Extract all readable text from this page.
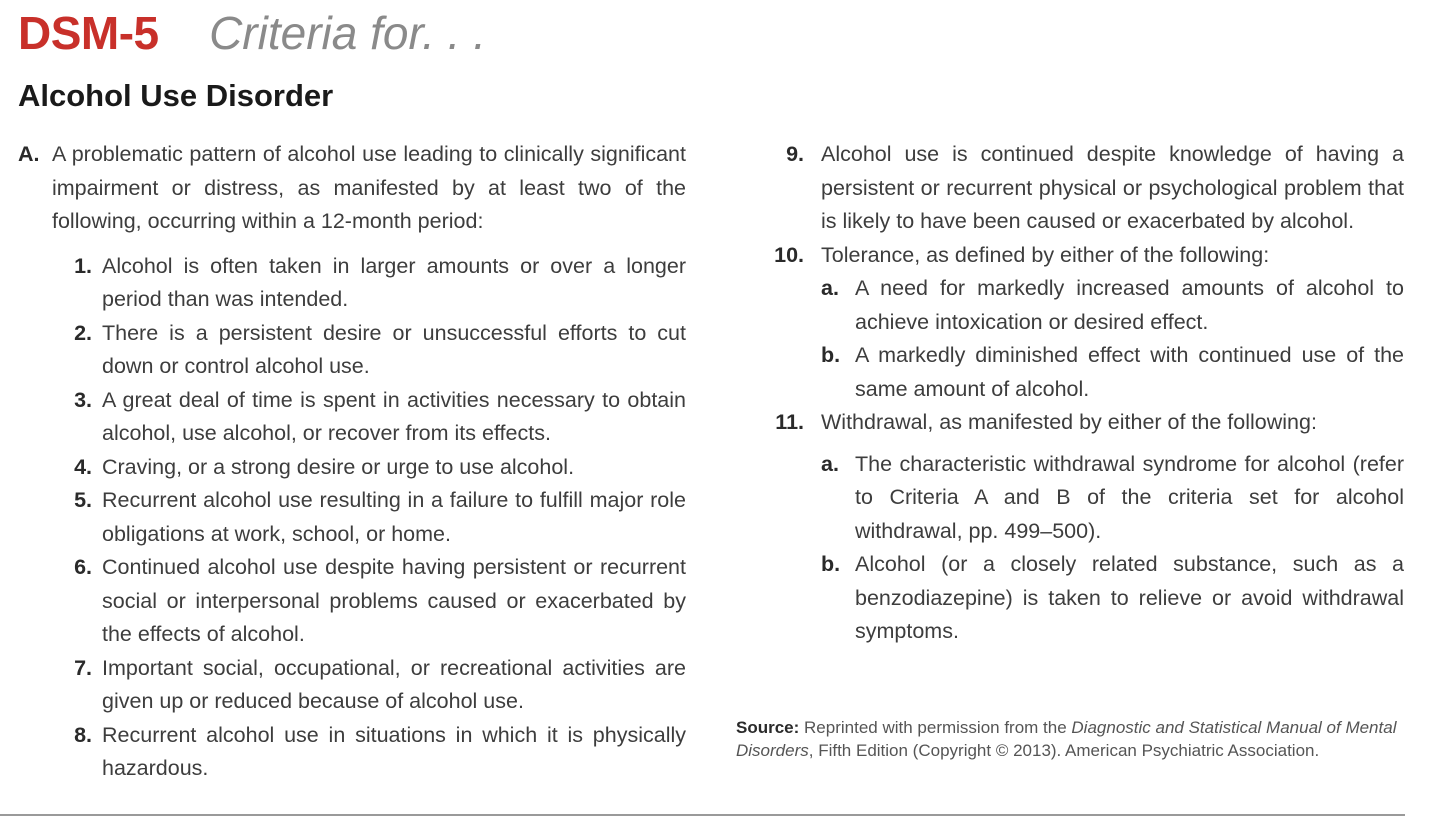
DSM-5 Criteria for. . .
Alcohol Use Disorder
A. A problematic pattern of alcohol use leading to clinically significant impairment or distress, as manifested by at least two of the following, occurring within a 12-month period:
1. Alcohol is often taken in larger amounts or over a longer period than was intended.
2. There is a persistent desire or unsuccessful efforts to cut down or control alcohol use.
3. A great deal of time is spent in activities necessary to obtain alcohol, use alcohol, or recover from its effects.
4. Craving, or a strong desire or urge to use alcohol.
5. Recurrent alcohol use resulting in a failure to fulfill major role obligations at work, school, or home.
6. Continued alcohol use despite having persistent or recurrent social or interpersonal problems caused or exacerbated by the effects of alcohol.
7. Important social, occupational, or recreational activities are given up or reduced because of alcohol use.
8. Recurrent alcohol use in situations in which it is physically hazardous.
9. Alcohol use is continued despite knowledge of having a persistent or recurrent physical or psychological problem that is likely to have been caused or exacerbated by alcohol.
10. Tolerance, as defined by either of the following:
a. A need for markedly increased amounts of alcohol to achieve intoxication or desired effect.
b. A markedly diminished effect with continued use of the same amount of alcohol.
11. Withdrawal, as manifested by either of the following:
a. The characteristic withdrawal syndrome for alcohol (refer to Criteria A and B of the criteria set for alcohol withdrawal, pp. 499–500).
b. Alcohol (or a closely related substance, such as a benzodiazepine) is taken to relieve or avoid withdrawal symptoms.
Source: Reprinted with permission from the Diagnostic and Statistical Manual of Mental Disorders, Fifth Edition (Copyright © 2013). American Psychiatric Association.
